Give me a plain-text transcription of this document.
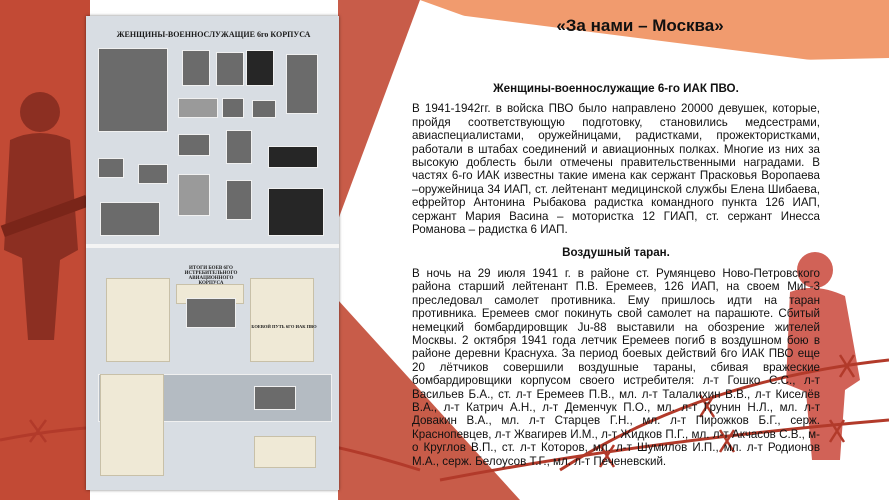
ЖЕНЩИНЫ-ВОЕННОСЛУЖАЩИЕ 6го КОРПУСА
ИТОГИ БОЕВ 6ГО ИСТРЕБИТЕЛЬНОГО АВИАЦИОННОГО
БОЕВОЙ ПУТЬ 6ГО ИАК ПВО
«За нами – Москва»
Женщины-военнослужащие 6-го ИАК ПВО.
В 1941-1942гг. в войска ПВО было направлено 20000 девушек, которые, пройдя соответствующую подготовку, становились медсестрами, авиаспециалистами, оружейницами, радистками, прожектористками, работали в штабах соединений и авиационных полках. Многие из них за высокую доблесть были отмечены правительственными наградами. В частях 6-го ИАК известны такие имена как сержант Прасковья Воропаева –оружейница 34 ИАП, ст. лейтенант медицинской службы Елена Шибаева, ефрейтор Антонина Рыбакова радистка командного пункта 126 ИАП, сержант Мария Васина – мотористка 12 ГИАП, ст. сержант Инесса Романова – радистка 6 ИАП.
Воздушный таран.
В ночь на 29 июля 1941 г. в районе ст. Румянцево Ново-Петровского района старший лейтенант П.В. Еремеев, 126 ИАП, на своем МиГ-3 преследовал самолет противника. Ему пришлось идти на таран противника. Еремеев смог покинуть свой самолет на парашюте. Сбитый немецкий бомбардировщик Ju-88 выставили на обозрение жителей Москвы. 2 октября 1941 года летчик Еремеев погиб в воздушном бою в районе деревни Краснуха. За период боевых действий 6го ИАК ПВО еще 20 лётчиков совершили воздушные тараны, сбивая вражеские бомбардировщики корпусом своего истребителя: л-т Гошко С.С., л-т Васильев Б.А., ст. л-т Еремеев П.В., мл. л-т Талалихин В.В., л-т Киселёв В.А., л-т Катрич А.Н., л-т Деменчук П.О., мл. л-т Грунин Н.Л., мл. л-т Довакин В.А., мл. л-т Старцев Г.Н., мл. л-т Пирожков Б.Г., серж. Краснопевцев, л-т Жвагирев И.М., л-т Жидков П.Г., мл. л-т Акчасов С.В., м-о Круглов В.П., ст. л-т Которов, мл. л-т Шумилов И.П., мл. л-т Родионов М.А., серж. Белоусов Т.Г., мл. л-т Печеневский.
